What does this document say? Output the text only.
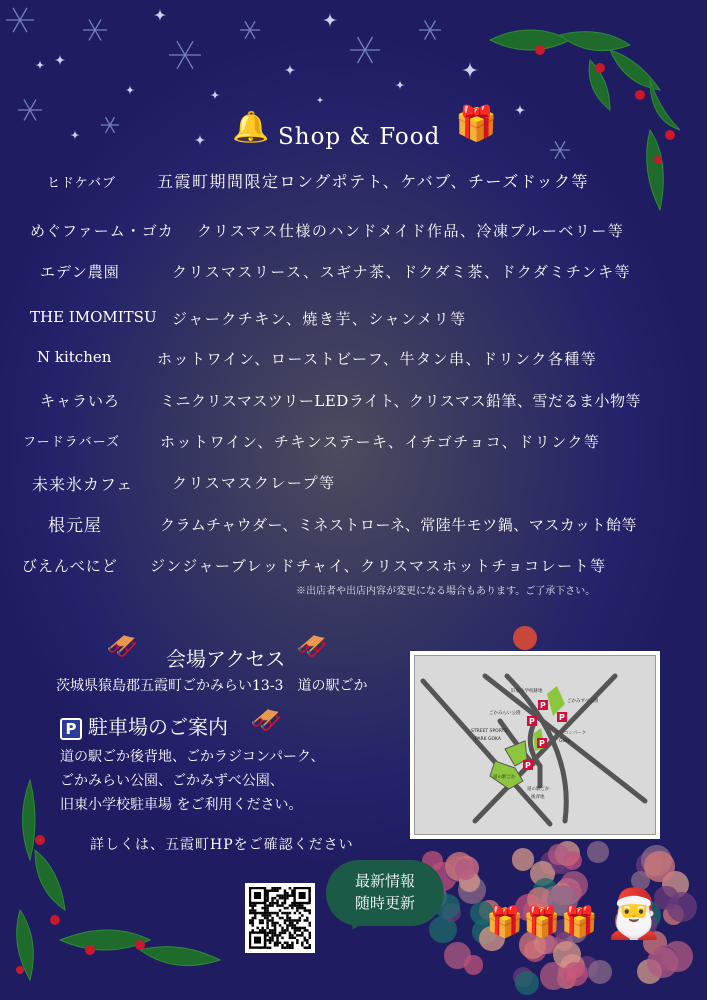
🔔 Shop & Food 🎁
ヒドケバブ	五霞町期間限定ロングポテト、ケバブ、チーズドック等
めぐファーム・ゴカ クリスマス仕様のハンドメイド作品、冷凍ブルーベリー等
エデン農園	クリスマスリース、スギナ茶、ドクダミ茶、ドクダミチンキ等
THE IMOMITSU ジャークチキン、焼き芋、シャンメリ等
N kitchen	ホットワイン、ローストビーフ、牛タン串、ドリンク各種等
キャラいろ	ミニクリスマスツリーLEDライト、クリスマス鉛筆、雪だるま小物等
フードラバーズ	ホットワイン、チキンステーキ、イチゴチョコ、ドリンク等
未来氷カフェ	クリスマスクレープ等
根元屋	クラムチャウダー、ミネストローネ、常陸牛モツ鍋、マスカット飴等
びえんべにど ジンジャーブレッドチャイ、クリスマスホットチョコレート等
※出店者や出店内容が変更になる場合もあります。ご了承下さい。
🛷 会場アクセス 🛷
茨城県猿島郡五霞町ごかみらい13-3　道の駅ごか
P 駐車場のご案内 🛷
道の駅ごか後背地、ごかラジコンパーク、
ごかみらい公園、ごかみずべ公園、
旧東小学校駐車場 をご利用ください。
詳しくは、五霞町HPをご確認ください
P
P
P
P
P
STREET SPORTS
PARK GOKA
道の駅ごか
ごかみらい公園
ラジコンパーク
Goka
道の駅ごか
後背地
旧東小学校跡地
ごかみずべ公園
最新情報
随時更新
🎁🎁🎁 🎅
